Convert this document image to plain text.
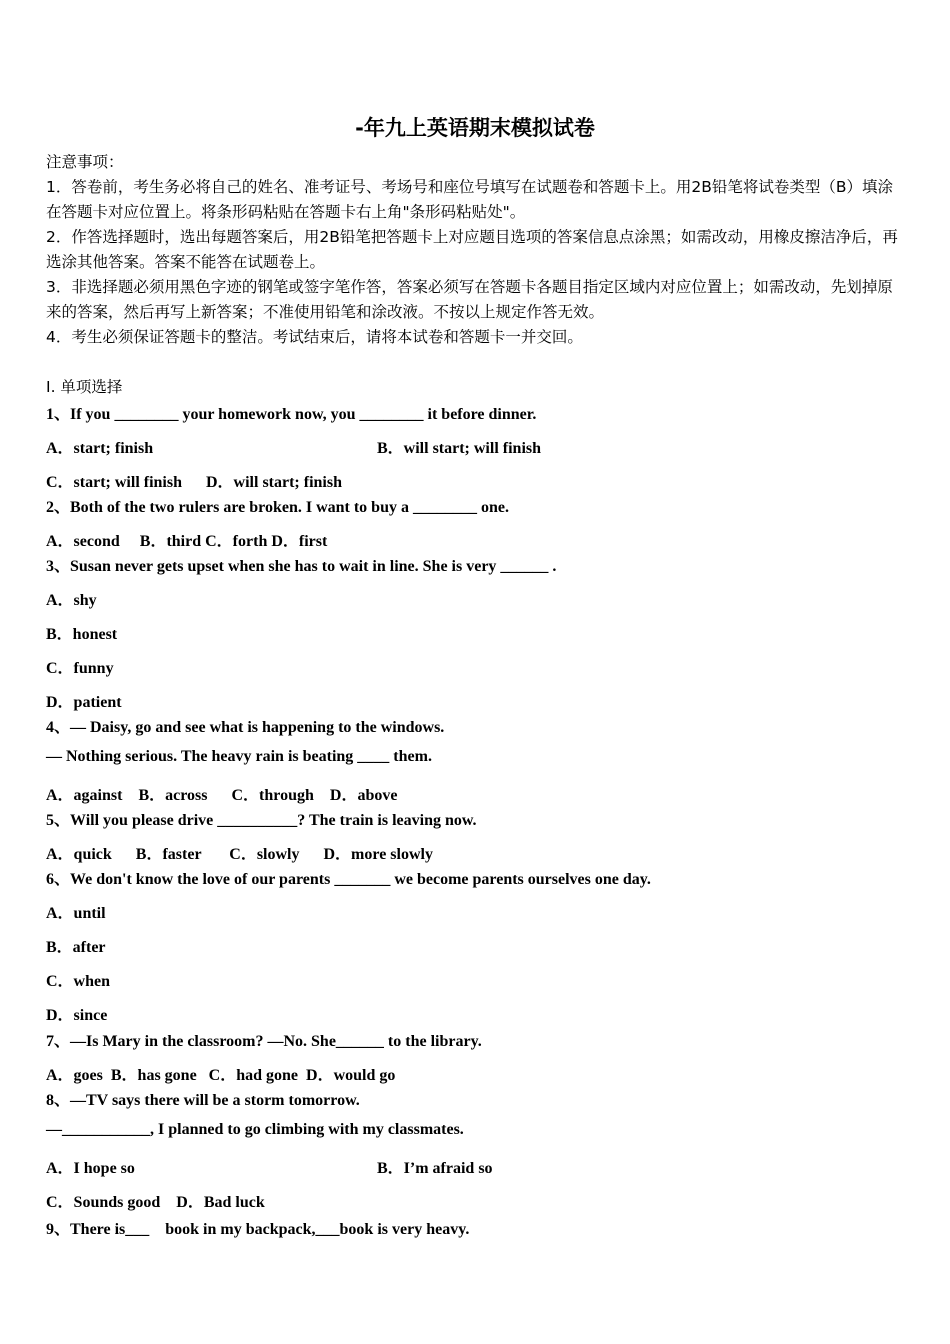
-年九上英语期末模拟试卷

注意事项：

1．答卷前，考生务必将自己的姓名、准考证号、考场号和座位号填写在试题卷和答题卡上。用2B铅笔将试卷类型（B）填涂在答题卡对应位置上。将条形码粘贴在答题卡右上角"条形码粘贴处"。

2．作答选择题时，选出每题答案后，用2B铅笔把答题卡上对应题目选项的答案信息点涂黑；如需改动，用橡皮擦洁净后，再选涂其他答案。答案不能答在试题卷上。

3．非选择题必须用黑色字迹的钢笔或签字笔作答，答案必须写在答题卡各题目指定区域内对应位置上；如需改动，先划掉原来的答案，然后再写上新答案；不准使用铅笔和涂改液。不按以上规定作答无效。

4．考生必须保证答题卡的整洁。考试结束后，请将本试卷和答题卡一并交回。

Ⅰ. 单项选择
1、If you ________ your homework now, you ________ it before dinner.
A．start; finish	B．will start; will finish
C．start; will finish      D．will start; finish
2、Both of the two rulers are broken. I want to buy a ________ one.
A．second     B．third C．forth D．first
3、Susan never gets upset when she has to wait in line. She is very ______ .
A．shy
B．honest
C．funny
D．patient
4、— Daisy, go and see what is happening to the windows.
— Nothing serious. The heavy rain is beating ____ them.
A．against    B．across      C．through    D．above
5、Will you please drive __________? The train is leaving now.
A．quick      B．faster       C．slowly      D．more slowly
6、We don't know the love of our parents _______ we become parents ourselves one day.
A．until
B．after
C．when
D．since
7、—Is Mary in the classroom? —No. She______ to the library.
A．goes  B．has gone   C．had gone  D．would go
8、—TV says there will be a storm tomorrow.
—___________, I planned to go climbing with my classmates.
A．I hope so	B．I’m afraid so
C．Sounds good    D．Bad luck
9、There is___    book in my backpack,___book is very heavy.
